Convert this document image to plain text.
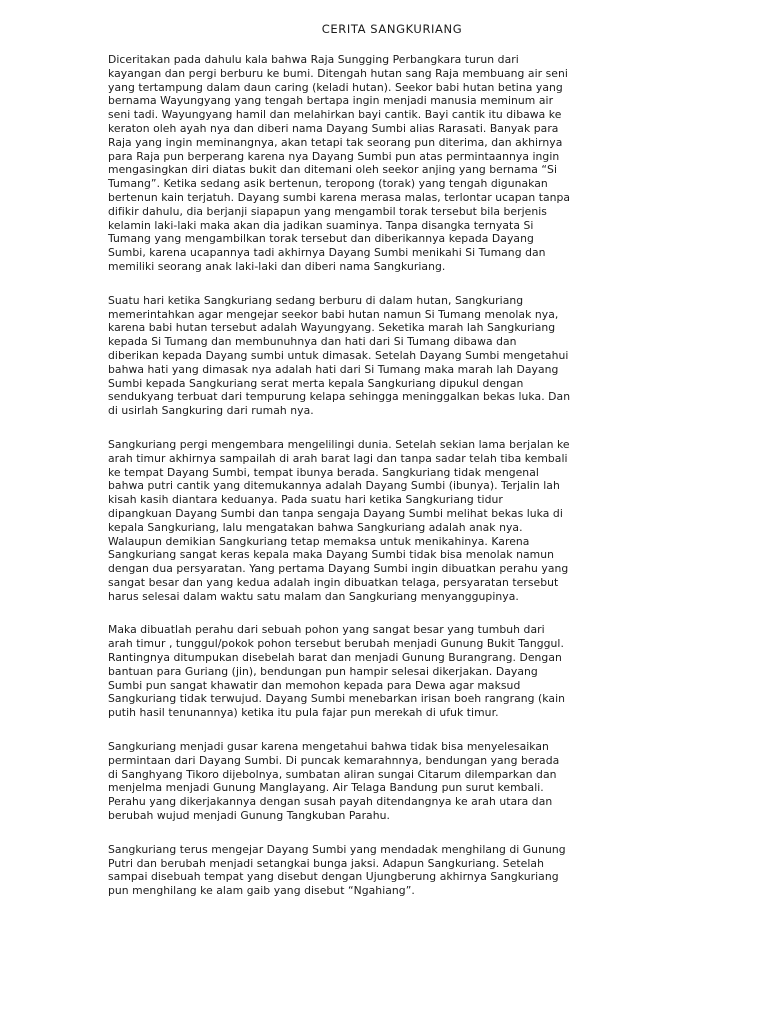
CERITA SANGKURIANG

Diceritakan pada dahulu kala bahwa Raja Sungging Perbangkara turun dari
kayangan dan pergi berburu ke bumi. Ditengah hutan sang Raja membuang air seni
yang tertampung dalam daun caring (keladi hutan). Seekor babi hutan betina yang
bernama Wayungyang yang tengah bertapa ingin menjadi manusia meminum air
seni tadi. Wayungyang hamil dan melahirkan bayi cantik. Bayi cantik itu dibawa ke
keraton oleh ayah nya dan diberi nama Dayang Sumbi alias Rarasati. Banyak para
Raja yang ingin meminangnya, akan tetapi tak seorang pun diterima, dan akhirnya
para Raja pun berperang karena nya Dayang Sumbi pun atas permintaannya ingin
mengasingkan diri diatas bukit dan ditemani oleh seekor anjing yang bernama “Si
Tumang”. Ketika sedang asik bertenun, teropong (torak) yang tengah digunakan
bertenun kain terjatuh. Dayang sumbi karena merasa malas, terlontar ucapan tanpa
difikir dahulu, dia berjanji siapapun yang mengambil torak tersebut bila berjenis
kelamin laki-laki maka akan dia jadikan suaminya. Tanpa disangka ternyata Si
Tumang yang mengambilkan torak tersebut dan diberikannya kepada Dayang
Sumbi, karena ucapannya tadi akhirnya Dayang Sumbi menikahi Si Tumang dan
memiliki seorang anak laki-laki dan diberi nama Sangkuriang.

Suatu hari ketika Sangkuriang sedang berburu di dalam hutan, Sangkuriang
memerintahkan agar mengejar seekor babi hutan namun Si Tumang menolak nya,
karena babi hutan tersebut adalah Wayungyang. Seketika marah lah Sangkuriang
kepada Si Tumang dan membunuhnya dan hati dari Si Tumang dibawa dan
diberikan kepada Dayang sumbi untuk dimasak. Setelah Dayang Sumbi mengetahui
bahwa hati yang dimasak nya adalah hati dari Si Tumang maka marah lah Dayang
Sumbi kepada Sangkuriang serat merta kepala Sangkuriang dipukul dengan
sendukyang terbuat dari tempurung kelapa sehingga meninggalkan bekas luka. Dan
di usirlah Sangkuring dari rumah nya.

Sangkuriang pergi mengembara mengelilingi dunia. Setelah sekian lama berjalan ke
arah timur akhirnya sampailah di arah barat lagi dan tanpa sadar telah tiba kembali
ke tempat Dayang Sumbi, tempat ibunya berada. Sangkuriang tidak mengenal
bahwa putri cantik yang ditemukannya adalah Dayang Sumbi (ibunya). Terjalin lah
kisah kasih diantara keduanya. Pada suatu hari ketika Sangkuriang tidur
dipangkuan Dayang Sumbi dan tanpa sengaja Dayang Sumbi melihat bekas luka di
kepala Sangkuriang, lalu mengatakan bahwa Sangkuriang adalah anak nya.
Walaupun demikian Sangkuriang tetap memaksa untuk menikahinya. Karena
Sangkuriang sangat keras kepala maka Dayang Sumbi tidak bisa menolak namun
dengan dua persyaratan. Yang pertama Dayang Sumbi ingin dibuatkan perahu yang
sangat besar dan yang kedua adalah ingin dibuatkan telaga, persyaratan tersebut
harus selesai dalam waktu satu malam dan Sangkuriang menyanggupinya.

Maka dibuatlah perahu dari sebuah pohon yang sangat besar yang tumbuh dari
arah timur , tunggul/pokok pohon tersebut berubah menjadi Gunung Bukit Tanggul.
Rantingnya ditumpukan disebelah barat dan menjadi Gunung Burangrang. Dengan
bantuan para Guriang (jin), bendungan pun hampir selesai dikerjakan. Dayang
Sumbi pun sangat khawatir dan memohon kepada para Dewa agar maksud
Sangkuriang tidak terwujud. Dayang Sumbi menebarkan irisan boeh rangrang (kain
putih hasil tenunannya) ketika itu pula fajar pun merekah di ufuk timur.

Sangkuriang menjadi gusar karena mengetahui bahwa tidak bisa menyelesaikan
permintaan dari Dayang Sumbi. Di puncak kemarahnnya, bendungan yang berada
di Sanghyang Tikoro dijebolnya, sumbatan aliran sungai Citarum dilemparkan dan
menjelma menjadi Gunung Manglayang. Air Telaga Bandung pun surut kembali.
Perahu yang dikerjakannya dengan susah payah ditendangnya ke arah utara dan
berubah wujud menjadi Gunung Tangkuban Parahu.

Sangkuriang terus mengejar Dayang Sumbi yang mendadak menghilang di Gunung
Putri dan berubah menjadi setangkai bunga jaksi. Adapun Sangkuriang. Setelah
sampai disebuah tempat yang disebut dengan Ujungberung akhirnya Sangkuriang
pun menghilang ke alam gaib yang disebut “Ngahiang”.
